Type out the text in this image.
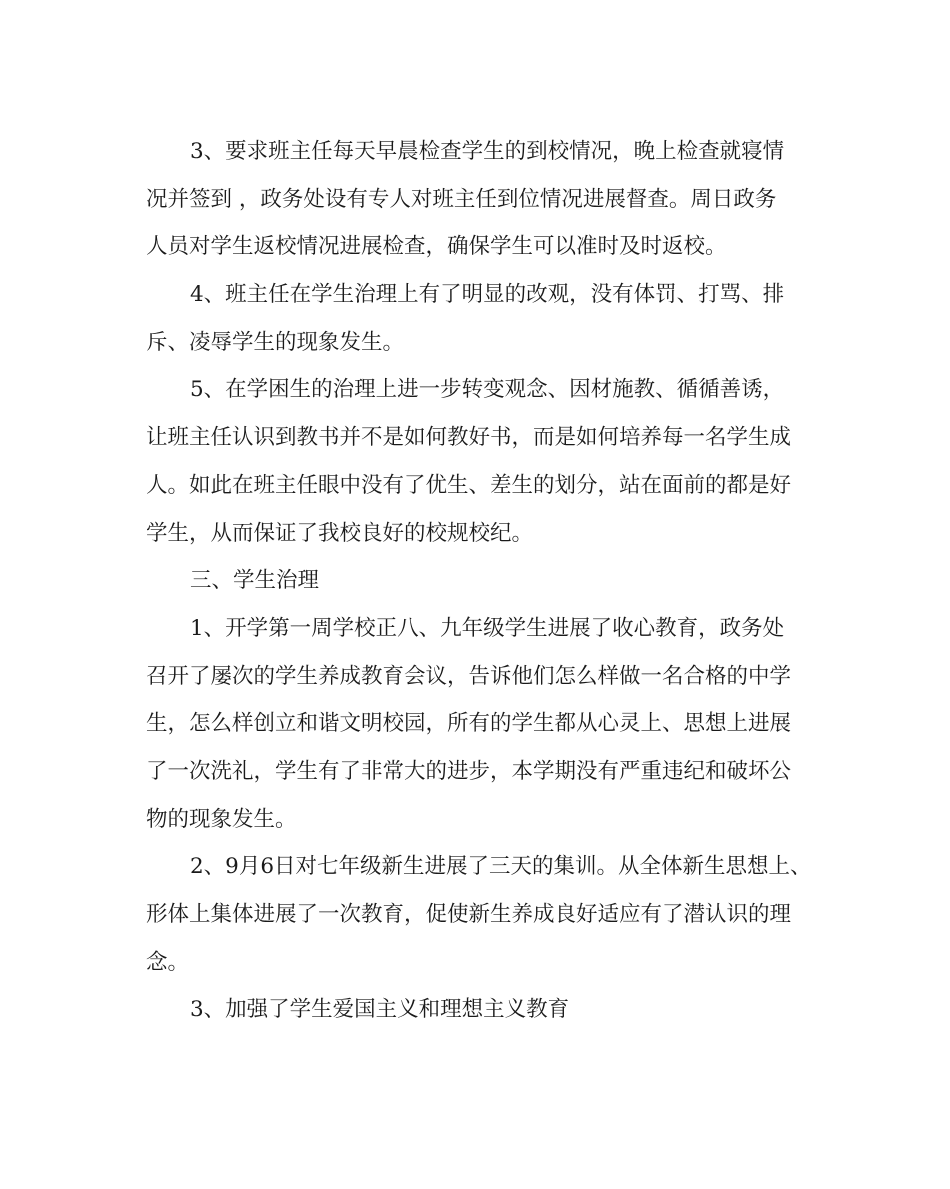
3、要求班主任每天早晨检查学生的到校情况，晚上检查就寝情
况并签到 ，政务处设有专人对班主任到位情况进展督查。周日政务
人员对学生返校情况进展检查，确保学生可以准时及时返校。
4、班主任在学生治理上有了明显的改观，没有体罚、打骂、排
斥、凌辱学生的现象发生。
5、在学困生的治理上进一步转变观念、因材施教、循循善诱，
让班主任认识到教书并不是如何教好书，而是如何培养每一名学生成
人。如此在班主任眼中没有了优生、差生的划分，站在面前的都是好
学生，从而保证了我校良好的校规校纪。
三、学生治理
1、开学第一周学校正八、九年级学生进展了收心教育，政务处
召开了屡次的学生养成教育会议，告诉他们怎么样做一名合格的中学
生，怎么样创立和谐文明校园，所有的学生都从心灵上、思想上进展
了一次洗礼，学生有了非常大的进步，本学期没有严重违纪和破坏公
物的现象发生。
2、9月6日对七年级新生进展了三天的集训。从全体新生思想上、
形体上集体进展了一次教育，促使新生养成良好适应有了潜认识的理
念。
3、加强了学生爱国主义和理想主义教育
